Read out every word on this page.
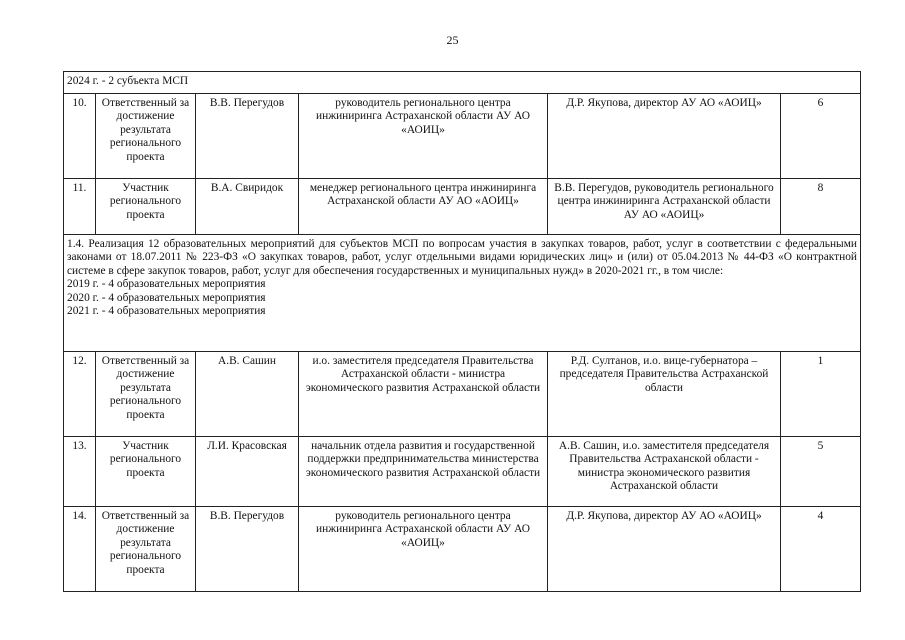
25
2024 г. - 2 субъекта МСП					

10.	Ответственный за достижение результата регионального проекта	В.В. Перегудов	руководитель регионального центра инжиниринга Астраханской области АУ АО «АОИЦ»	Д.Р. Якупова, директор АУ АО «АОИЦ»	6
11.	Участник регионального проекта	В.А. Свиридок	менеджер регионального центра инжиниринга Астраханской области АУ АО «АОИЦ»	В.В. Перегудов, руководитель регионального центра инжиниринга Астраханской области АУ АО «АОИЦ»	8

1.4. Реализация 12 образовательных мероприятий для субъектов МСП по вопросам участия в закупках товаров, работ, услуг в соответствии с федеральными законами от 18.07.2011 № 223-ФЗ «О закупках товаров, работ, услуг отдельными видами юридических лиц» и (или) от 05.04.2013 № 44-ФЗ «О контрактной системе в сфере закупок товаров, работ, услуг для обеспечения государственных и муниципальных нужд» в 2020-2021 гг., в том числе:
2019 г. - 4 образовательных мероприятия
2020 г. - 4 образовательных мероприятия
2021 г. - 4 образовательных мероприятия					

12.	Ответственный за достижение результата регионального проекта	А.В. Сашин	и.о. заместителя председателя Правительства Астраханской области - министра экономического развития Астраханской области	Р.Д. Султанов, и.о. вице-губернатора – председателя Правительства Астраханской области	1
13.	Участник регионального проекта	Л.И. Красовская	начальник отдела развития и государственной поддержки предпринимательства министерства экономического развития Астраханской области	А.В. Сашин, и.о. заместителя председателя Правительства Астраханской области - министра экономического развития Астраханской области	5
14.	Ответственный за достижение результата регионального проекта	В.В. Перегудов	руководитель регионального центра инжиниринга Астраханской области АУ АО «АОИЦ»	Д.Р. Якупова, директор АУ АО «АОИЦ»	4
